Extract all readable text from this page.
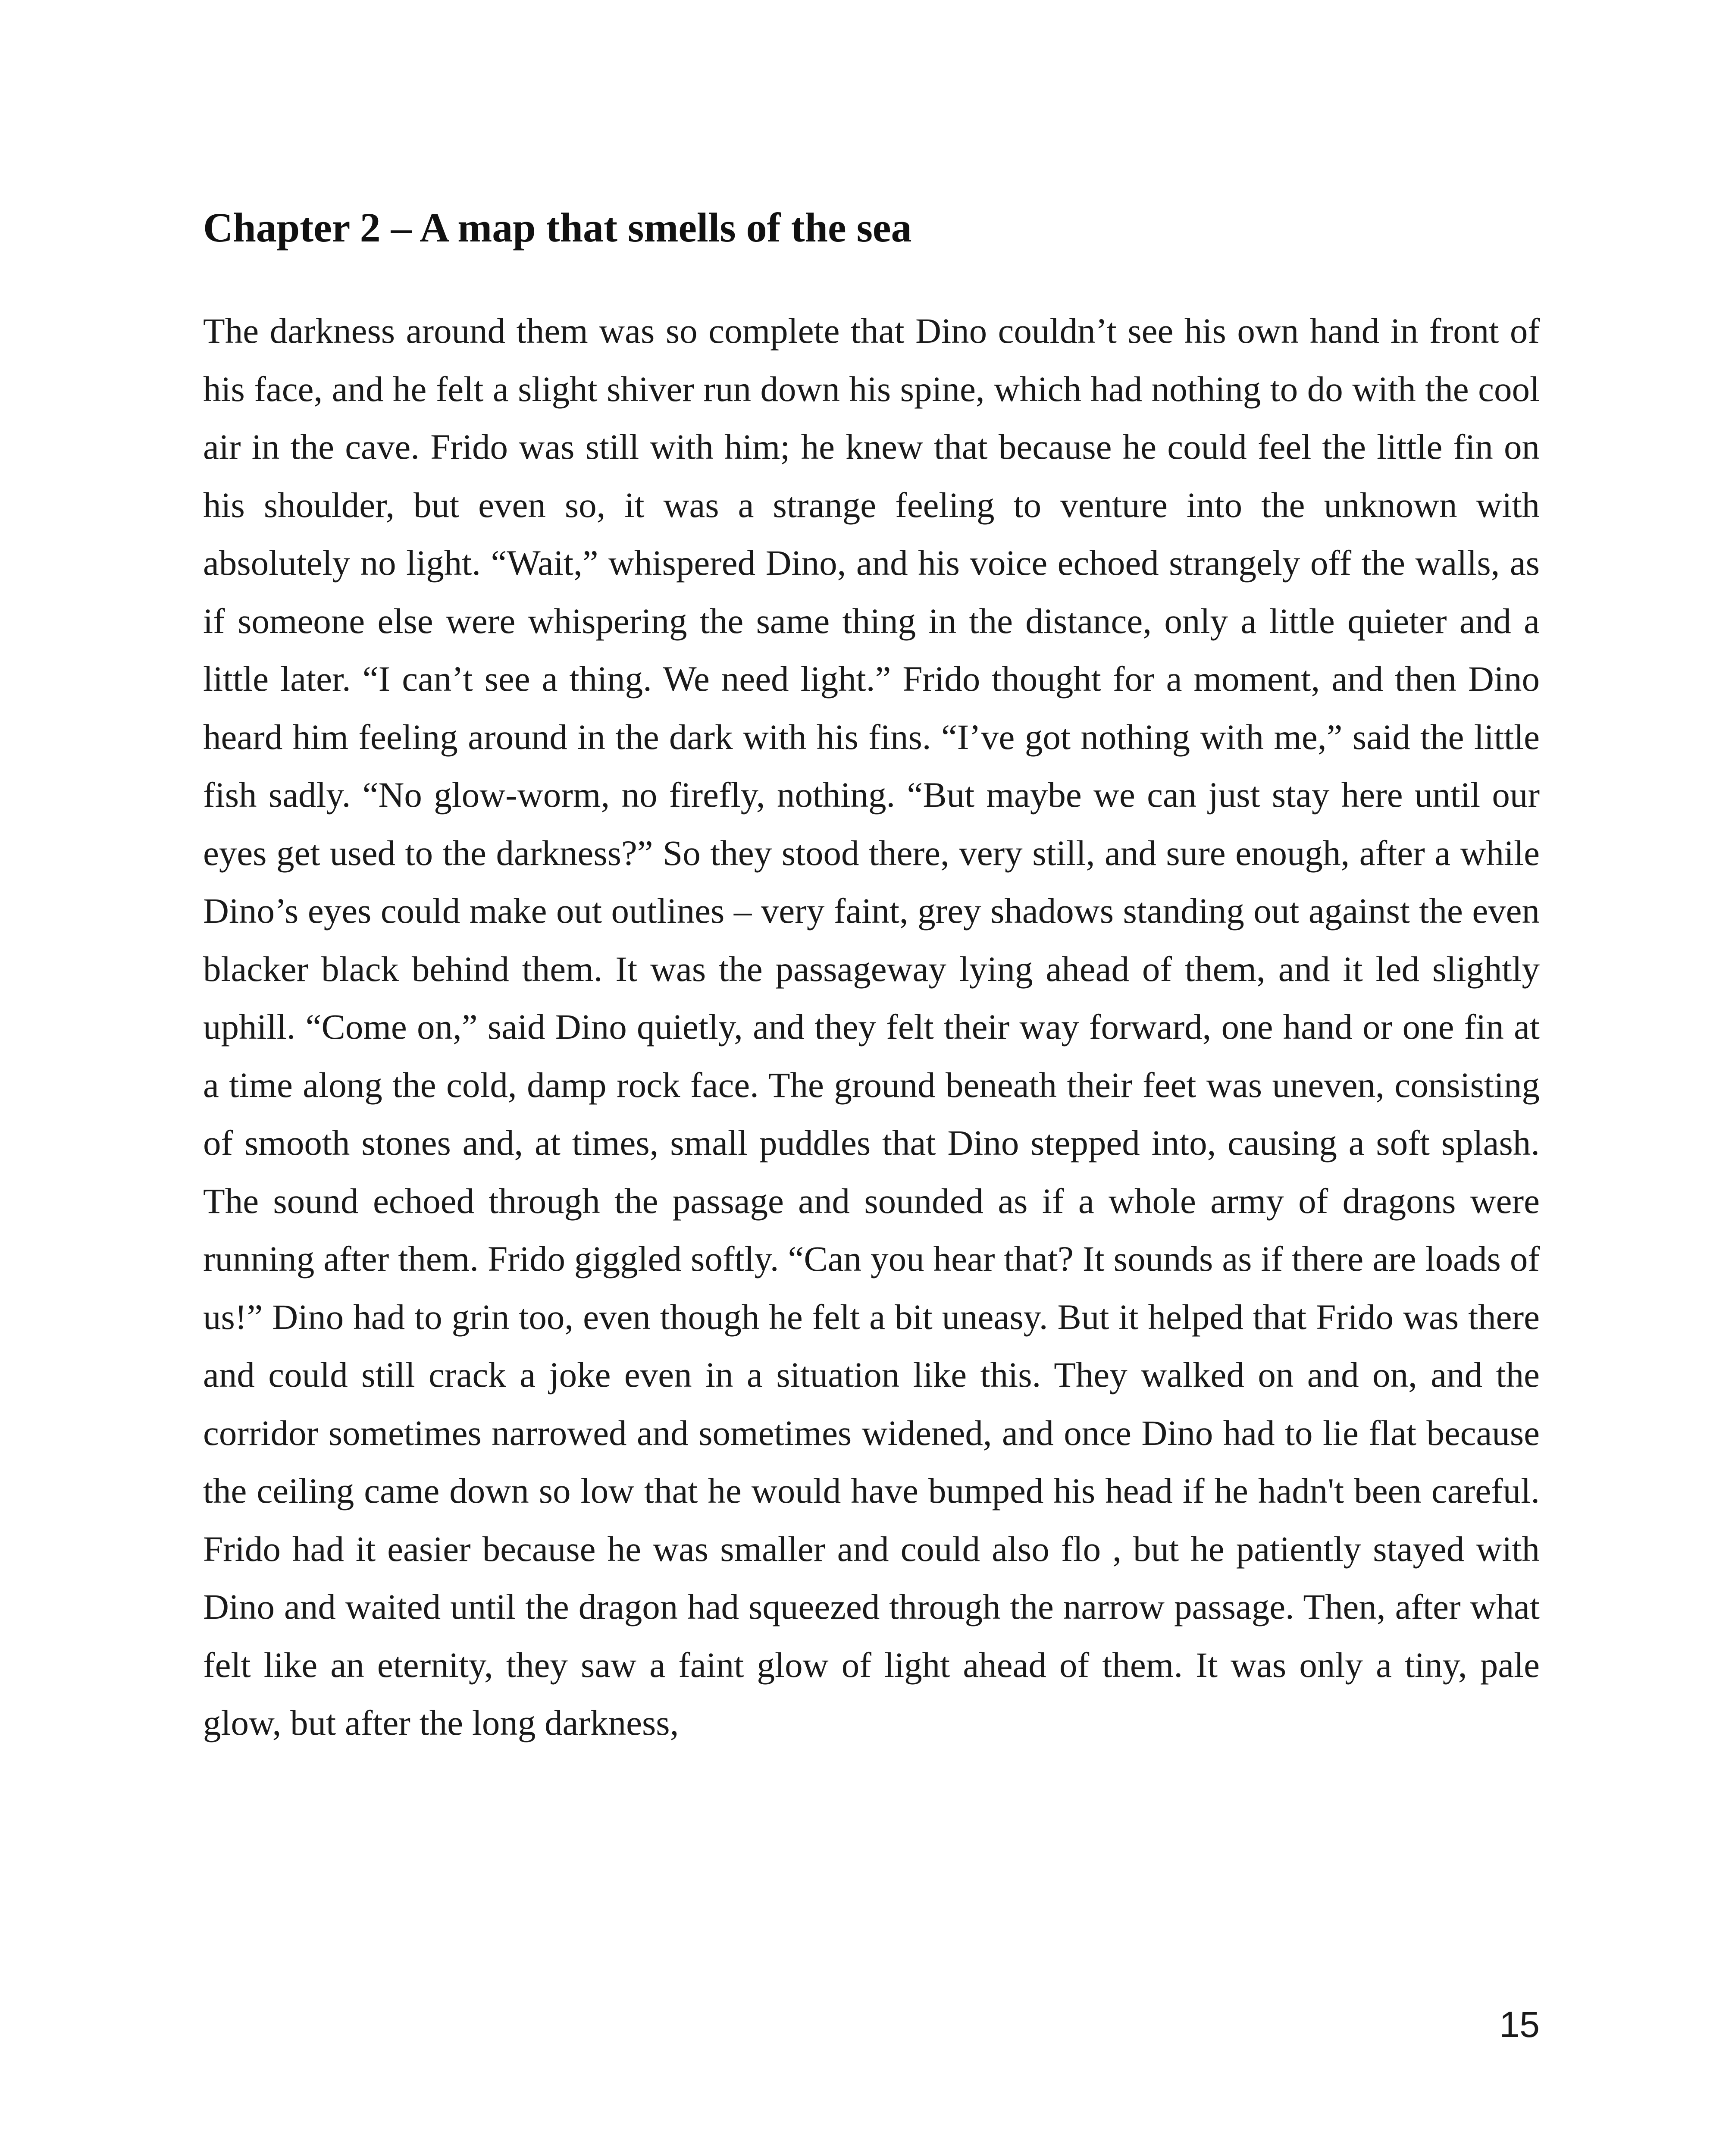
Chapter 2 – A map that smells of the sea

The darkness around them was so complete that Dino couldn’t see his own hand in front of his face, and he felt a slight shiver run down his spine, which had nothing to do with the cool air in the cave. Frido was still with him; he knew that because he could feel the little fin on his shoulder, but even so, it was a strange feeling to venture into the unknown with absolutely no light. “Wait,” whispered Dino, and his voice echoed strangely off the walls, as if someone else were whispering the same thing in the distance, only a little quieter and a little later. “I can’t see a thing. We need light.” Frido thought for a moment, and then Dino heard him feeling around in the dark with his fins. “I’ve got nothing with me,” said the little fish sadly. “No glow-worm, no firefly, nothing. “But maybe we can just stay here until our eyes get used to the darkness?” So they stood there, very still, and sure enough, after a while Dino’s eyes could make out outlines – very faint, grey shadows standing out against the even blacker black behind them. It was the passageway lying ahead of them, and it led slightly uphill. “Come on,” said Dino quietly, and they felt their way forward, one hand or one fin at a time along the cold, damp rock face. The ground beneath their feet was uneven, consisting of smooth stones and, at times, small puddles that Dino stepped into, causing a soft splash. The sound echoed through the passage and sounded as if a whole army of dragons were running after them. Frido giggled softly. “Can you hear that? It sounds as if there are loads of us!” Dino had to grin too, even though he felt a bit uneasy. But it helped that Frido was there and could still crack a joke even in a situation like this. They walked on and on, and the corridor sometimes narrowed and sometimes widened, and once Dino had to lie flat because the ceiling came down so low that he would have bumped his head if he hadn't been careful. Frido had it easier because he was smaller and could also flo , but he patiently stayed with Dino and waited until the dragon had squeezed through the narrow passage. Then, after what felt like an eternity, they saw a faint glow of light ahead of them. It was only a tiny, pale glow, but after the long darkness,

15
